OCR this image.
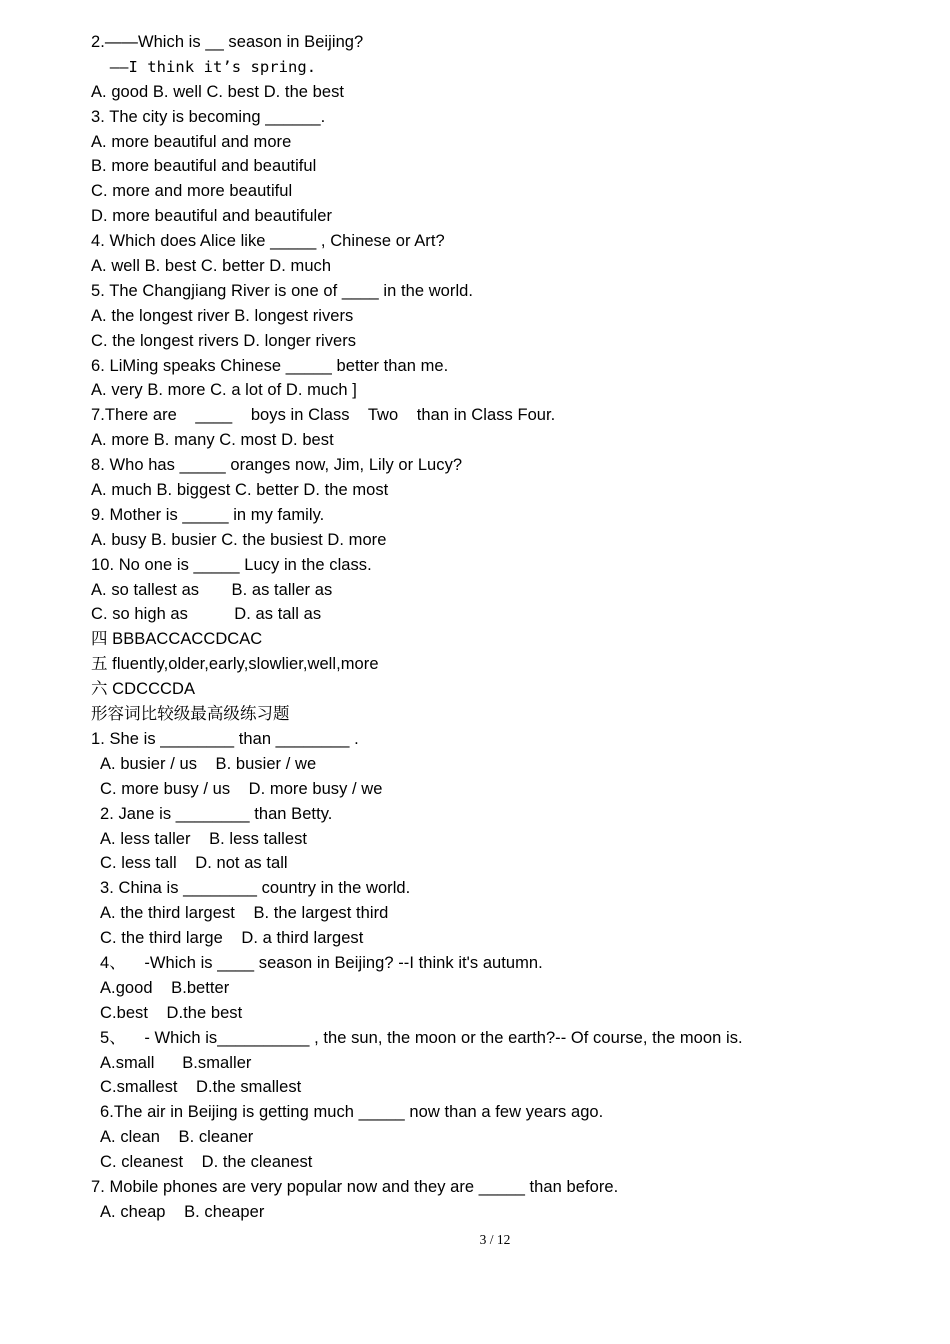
2.——Which is __ season in Beijing?
——I think it’s spring.
A. good B. well C. best D. the best
3. The city is becoming ______.
A. more beautiful and more
B. more beautiful and beautiful
C. more and more beautiful
D. more beautiful and beautifuler
4. Which does Alice like _____ , Chinese or Art?
A. well B. best C. better D. much
5. The Changjiang River is one of ____ in the world.
A. the longest river B. longest rivers
C. the longest rivers D. longer rivers
6. LiMing speaks Chinese _____ better than me.
A. very B. more C. a lot of D. much ]
7.There are    ____    boys in Class    Two    than in Class Four.
A. more B. many C. most D. best
8. Who has _____ oranges now, Jim, Lily or Lucy?
A. much B. biggest C. better D. the most
9. Mother is _____ in my family.
A. busy B. busier C. the busiest D. more
10. No one is _____ Lucy in the class.
A. so tallest as       B. as taller as
C. so high as          D. as tall as
四 BBBACCACCDCAC
五 fluently,older,early,slowlier,well,more
六 CDCCCDA
形容词比较级最高级练习题
1. She is ________ than ________ .
A. busier / us    B. busier / we
C. more busy / us    D. more busy / we
2. Jane is ________ than Betty.
A. less taller    B. less tallest
C. less tall    D. not as tall
3. China is ________ country in the world.
A. the third largest    B. the largest third
C. the third large    D. a third largest
4、    -Which is ____ season in Beijing? --I think it's autumn.
A.good    B.better
C.best    D.the best
5、    - Which is__________ , the sun, the moon or the earth?-- Of course, the moon is.
A.small      B.smaller
C.smallest    D.the smallest
6.The air in Beijing is getting much _____ now than a few years ago.
A. clean    B. cleaner
C. cleanest    D. the cleanest
7. Mobile phones are very popular now and they are _____ than before.
A. cheap    B. cheaper
3 / 12
